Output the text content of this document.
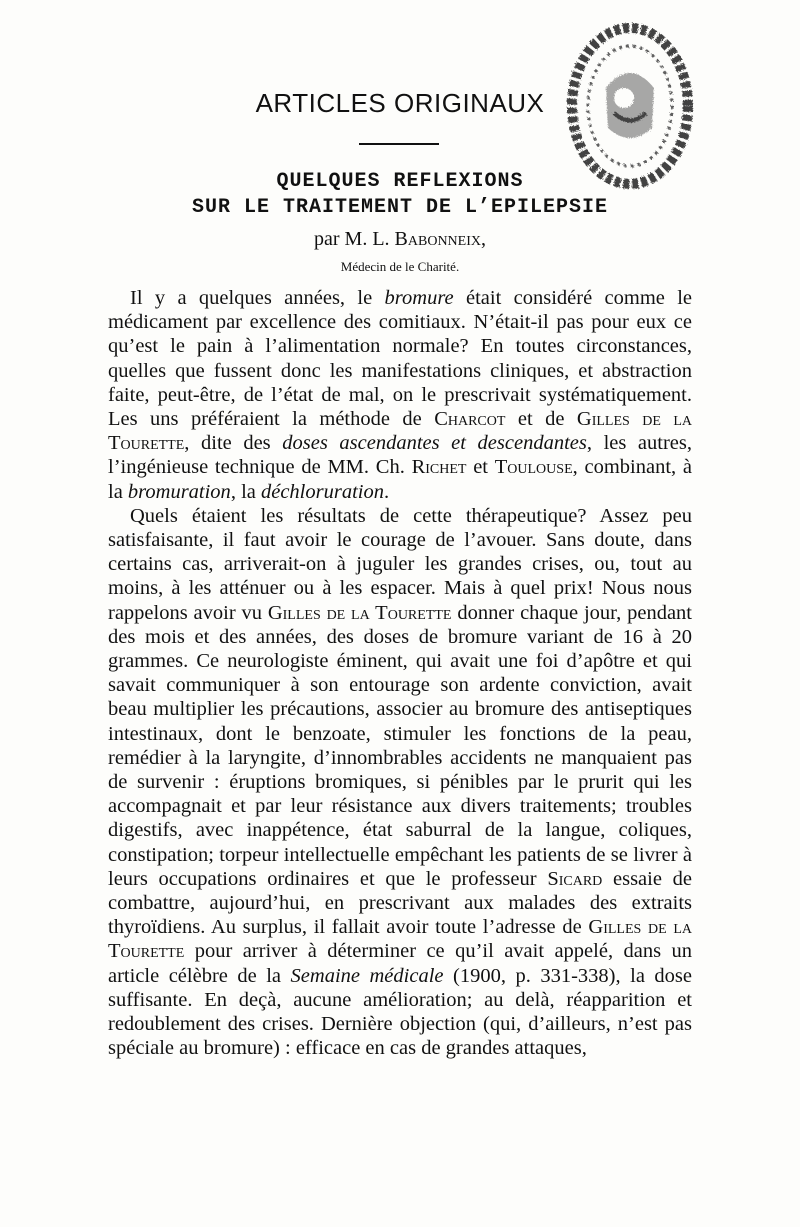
ARTICLES ORIGINAUX
QUELQUES REFLEXIONS
SUR LE TRAITEMENT DE L’EPILEPSIE
par M. L. Babonneix,
Médecin de le Charité.

Il y a quelques années, le bromure était considéré comme le médicament par excellence des comitiaux. N’était-il pas pour eux ce qu’est le pain à l’alimentation normale? En toutes circonstances, quelles que fussent donc les manifestations cliniques, et abstraction faite, peut-être, de l’état de mal, on le prescrivait systématiquement. Les uns préféraient la méthode de Charcot et de Gilles de la Tourette, dite des doses ascendantes et descendantes, les autres, l’ingénieuse technique de MM. Ch. Richet et Toulouse, combinant, à la bromuration, la déchloruration.

Quels étaient les résultats de cette thérapeutique? Assez peu satisfaisante, il faut avoir le courage de l’avouer. Sans doute, dans certains cas, arriverait-on à juguler les grandes crises, ou, tout au moins, à les atténuer ou à les espacer. Mais à quel prix! Nous nous rappelons avoir vu Gilles de la Tourette donner chaque jour, pendant des mois et des années, des doses de bromure variant de 16 à 20 grammes. Ce neurologiste éminent, qui avait une foi d’apôtre et qui savait communiquer à son entourage son ardente conviction, avait beau multiplier les précautions, associer au bromure des antiseptiques intestinaux, dont le benzoate, stimuler les fonctions de la peau, remédier à la laryngite, d’innombrables accidents ne manquaient pas de survenir : éruptions bromiques, si pénibles par le prurit qui les accompagnait et par leur résistance aux divers traitements; troubles digestifs, avec inappétence, état saburral de la langue, coliques, constipation; torpeur intellectuelle empêchant les patients de se livrer à leurs occupations ordinaires et que le professeur Sicard essaie de combattre, aujourd’hui, en prescrivant aux malades des extraits thyroïdiens. Au surplus, il fallait avoir toute l’adresse de Gilles de la Tourette pour arriver à déterminer ce qu’il avait appelé, dans un article célèbre de la Semaine médicale (1900, p. 331-338), la dose suffisante. En deçà, aucune amélioration; au delà, réapparition et redoublement des crises. Dernière objection (qui, d’ailleurs, n’est pas spéciale au bromure) : efficace en cas de grandes attaques,
